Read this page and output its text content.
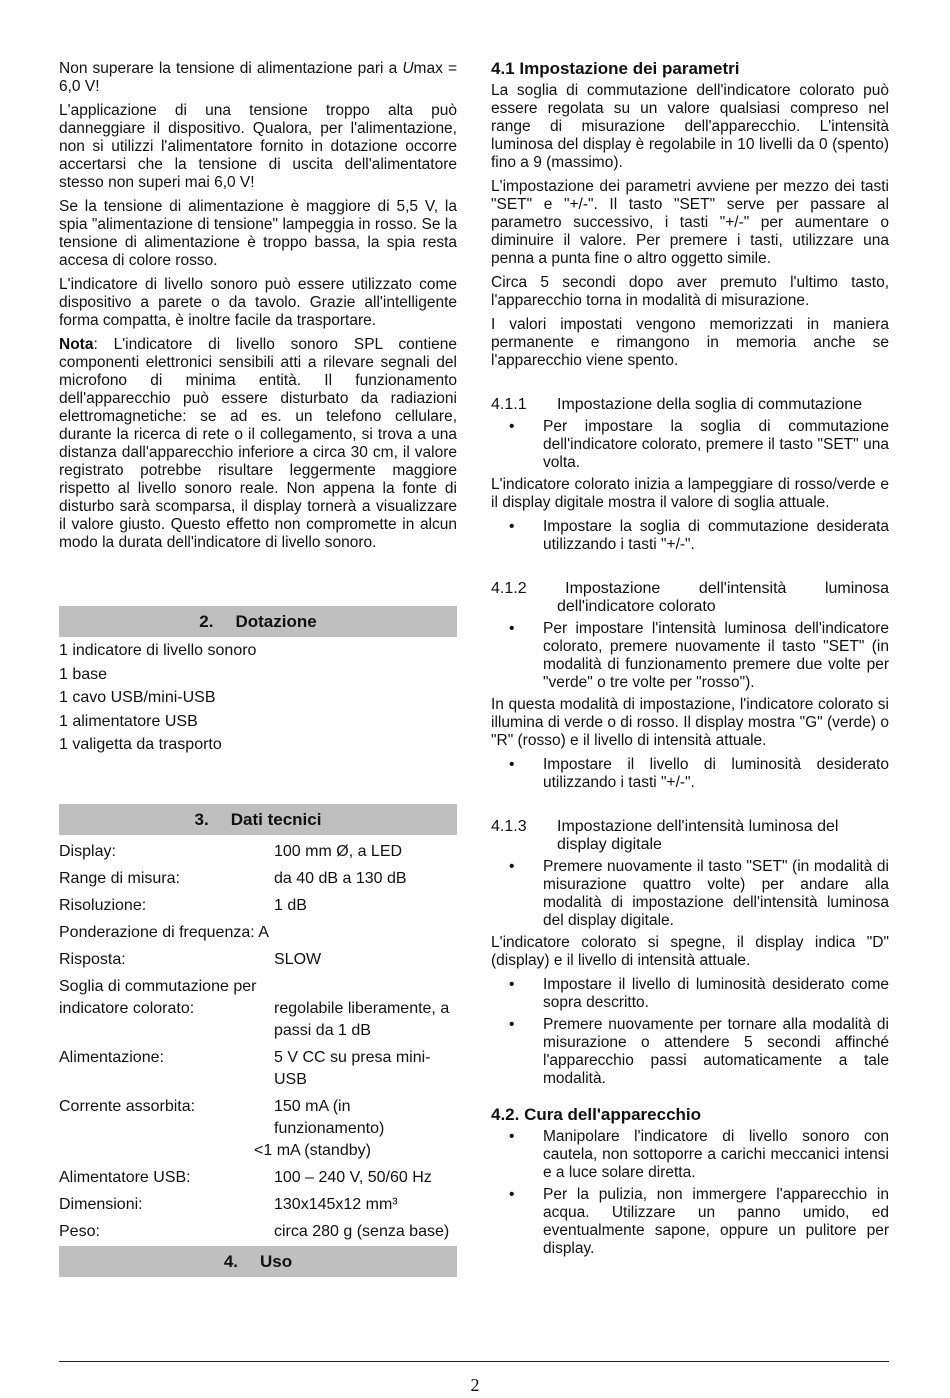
Non superare la tensione di alimentazione pari a Umax = 6,0 V!

L'applicazione di una tensione troppo alta può danneggiare il dispositivo. Qualora, per l'alimentazione, non si utilizzi l'alimentatore fornito in dotazione occorre accertarsi che la tensione di uscita dell'alimentatore stesso non superi mai 6,0 V!

Se la tensione di alimentazione è maggiore di 5,5 V, la spia "alimentazione di tensione" lampeggia in rosso. Se la tensione di alimentazione è troppo bassa, la spia resta accesa di colore rosso.

L'indicatore di livello sonoro può essere utilizzato come dispositivo a parete o da tavolo. Grazie all'intelligente forma compatta, è inoltre facile da trasportare.

Nota: L'indicatore di livello sonoro SPL contiene componenti elettronici sensibili atti a rilevare segnali del microfono di minima entità. Il funzionamento dell'apparecchio può essere disturbato da radiazioni elettromagnetiche: se ad es. un telefono cellulare, durante la ricerca di rete o il collegamento, si trova a una distanza dall'apparecchio inferiore a circa 30 cm, il valore registrato potrebbe risultare leggermente maggiore rispetto al livello sonoro reale. Non appena la fonte di disturbo sarà scomparsa, il display tornerà a visualizzare il valore giusto. Questo effetto non compromette in alcun modo la durata dell'indicatore di livello sonoro.

2. Dotazione
1 indicatore di livello sonoro
1 base
1 cavo USB/mini-USB
1 alimentatore USB
1 valigetta da trasporto
3. Dati tecnici
Display:	100 mm Ø, a LED
Range di misura:	da 40 dB a 130 dB
Risoluzione:	1 dB
Ponderazione di frequenza: A
Risposta:	SLOW
Soglia di commutazione per
indicatore colorato:	regolabile liberamente, a passi da 1 dB
Alimentazione:	5 V CC su presa mini-USB
Corrente assorbita:	150 mA (in funzionamento)
<1 mA (standby)
Alimentatore USB:	100 – 240 V, 50/60 Hz
Dimensioni:	130x145x12 mm³
Peso:	circa 280 g (senza base)
4. Uso
4.1 Impostazione dei parametri

La soglia di commutazione dell'indicatore colorato può essere regolata su un valore qualsiasi compreso nel range di misurazione dell'apparecchio. L'intensità luminosa del display è regolabile in 10 livelli da 0 (spento) fino a 9 (massimo).

L'impostazione dei parametri avviene per mezzo dei tasti "SET" e "+/-". Il tasto "SET" serve per passare al parametro successivo, i tasti "+/-" per aumentare o diminuire il valore. Per premere i tasti, utilizzare una penna a punta fine o altro oggetto simile.

Circa 5 secondi dopo aver premuto l'ultimo tasto, l'apparecchio torna in modalità di misurazione.

I valori impostati vengono memorizzati in maniera permanente e rimangono in memoria anche se l'apparecchio viene spento.

4.1.1	Impostazione della soglia di commutazione
• Per impostare la soglia di commutazione dell'indicatore colorato, premere il tasto "SET" una volta.

L'indicatore colorato inizia a lampeggiare di rosso/verde e il display digitale mostra il valore di soglia attuale.

• Impostare la soglia di commutazione desiderata utilizzando i tasti "+/-".
4.1.2 Impostazione dell'intensità luminosa
dell'indicatore colorato
• Per impostare l'intensità luminosa dell'indicatore colorato, premere nuovamente il tasto "SET" (in modalità di funzionamento premere due volte per "verde" o tre volte per "rosso").

In questa modalità di impostazione, l'indicatore colorato si illumina di verde o di rosso. Il display mostra "G" (verde) o "R" (rosso) e il livello di intensità attuale.

• Impostare il livello di luminosità desiderato utilizzando i tasti "+/-".
4.1.3	Impostazione dell'intensità luminosa del
display digitale
• Premere nuovamente il tasto "SET" (in modalità di misurazione quattro volte) per andare alla modalità di impostazione dell'intensità luminosa del display digitale.

L'indicatore colorato si spegne, il display indica "D" (display) e il livello di intensità attuale.

• Impostare il livello di luminosità desiderato come sopra descritto.
• Premere nuovamente per tornare alla modalità di misurazione o attendere 5 secondi affinché l'apparecchio passi automaticamente a tale modalità.
4.2. Cura dell'apparecchio
• Manipolare l'indicatore di livello sonoro con cautela, non sottoporre a carichi meccanici intensi e a luce solare diretta.
• Per la pulizia, non immergere l'apparecchio in acqua. Utilizzare un panno umido, ed eventualmente sapone, oppure un pulitore per display.
2
